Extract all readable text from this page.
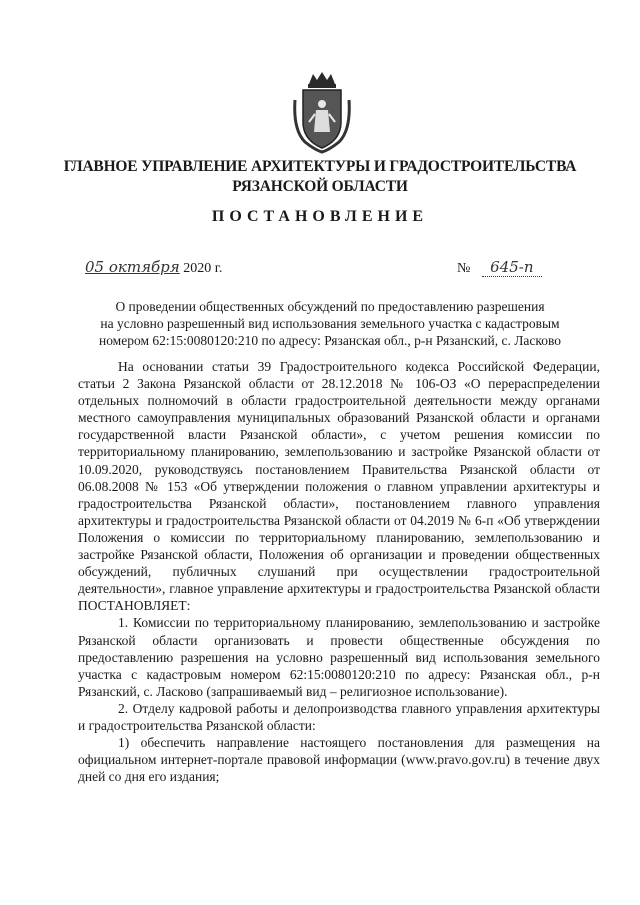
ГЛАВНОЕ УПРАВЛЕНИЕ АРХИТЕКТУРЫ И ГРАДОСТРОИТЕЛЬСТВА
РЯЗАНСКОЙ ОБЛАСТИ
ПОСТАНОВЛЕНИЕ
05 октября 2020 г.	№ 645-п
О проведении общественных обсуждений по предоставлению разрешения
на условно разрешенный вид использования земельного участка с кадастровым
номером 62:15:0080120:210 по адресу: Рязанская обл., р-н Рязанский, с. Ласково

На основании статьи 39 Градостроительного кодекса Российской Федерации, статьи 2 Закона Рязанской области от 28.12.2018 № 106-ОЗ «О перераспределении отдельных полномочий в области градостроительной деятельности между органами местного самоуправления муниципальных образований Рязанской области и органами государственной власти Рязанской области», с учетом решения комиссии по территориальному планированию, землепользованию и застройке Рязанской области от 10.09.2020, руководствуясь постановлением Правительства Рязанской области от 06.08.2008 № 153 «Об утверждении положения о главном управлении архитектуры и градостроительства Рязанской области», постановлением главного управления архитектуры и градостроительства Рязанской области от 04.2019 № 6-п «Об утверждении Положения о комиссии по территориальному планированию, землепользованию и застройке Рязанской области, Положения об организации и проведении общественных обсуждений, публичных слушаний при осуществлении градостроительной деятельности», главное управление архитектуры и градостроительства Рязанской области ПОСТАНОВЛЯЕТ:

1. Комиссии по территориальному планированию, землепользованию и застройке Рязанской области организовать и провести общественные обсуждения по предоставлению разрешения на условно разрешенный вид использования земельного участка с кадастровым номером 62:15:0080120:210 по адресу: Рязанская обл., р-н Рязанский, с. Ласково (запрашиваемый вид – религиозное использование).

2. Отделу кадровой работы и делопроизводства главного управления архитектуры и градостроительства Рязанской области:

1) обеспечить направление настоящего постановления для размещения на официальном интернет-портале правовой информации (www.pravo.gov.ru) в течение двух дней со дня его издания;
